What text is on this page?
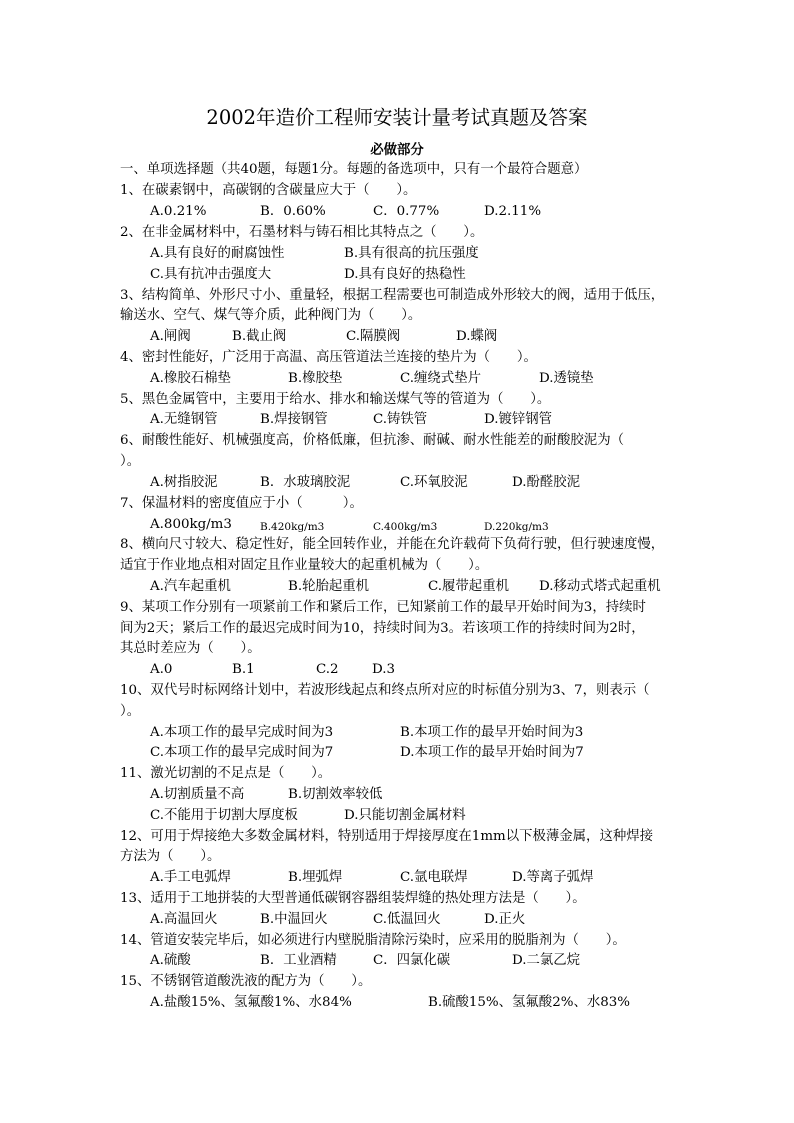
2002年造价工程师安装计量考试真题及答案
必做部分
一、单项选择题（共40题，每题1分。每题的备选项中，只有一个最符合题意）
1、在碳素钢中，高碳钢的含碳量应大于（　　）。
A.0.21%	B．0.60%	C．0.77%	D.2.11%
2、在非金属材料中，石墨材料与铸石相比其特点之（　　）。
A.具有良好的耐腐蚀性	B.具有很高的抗压强度
C.具有抗冲击强度大	D.具有良好的热稳性
3、结构简单、外形尺寸小、重量轻，根据工程需要也可制造成外形较大的阀，适用于低压，
输送水、空气、煤气等介质，此种阀门为（　　）。
A.闸阀	B.截止阀	C.隔膜阀	D.蝶阀
4、密封性能好，广泛用于高温、高压管道法兰连接的垫片为（　　）。
A.橡胶石棉垫	B.橡胶垫	C.缠绕式垫片	D.透镜垫
5、黑色金属管中，主要用于给水、排水和输送煤气等的管道为（　　）。
A.无缝钢管	B.焊接钢管	C.铸铁管	D.镀锌钢管
6、耐酸性能好、机械强度高，价格低廉，但抗渗、耐碱、耐水性能差的耐酸胶泥为（
）。
A.树指胶泥	B．水玻璃胶泥	C.环氧胶泥	D.酚醛胶泥
7、保温材料的密度值应于小（　　　）。
A.800kg/m3	B.420kg/m3	C.400kg/m3	D.220kg/m3
8、横向尺寸较大、稳定性好，能全回转作业，并能在允许载荷下负荷行驶，但行驶速度慢，
适宜于作业地点相对固定且作业量较大的起重机械为（　　）。
A.汽车起重机	B.轮胎起重机	C.履带起重机 D.移动式塔式起重机
9、某项工作分别有一项紧前工作和紧后工作，已知紧前工作的最早开始时间为3，持续时
间为2天；紧后工作的最迟完成时间为10，持续时间为3。若该项工作的持续时间为2时，
其总时差应为（　　）。
A.0	B.1	C.2 D.3
10、双代号时标网络计划中，若波形线起点和终点所对应的时标值分别为3、7，则表示（
）。
A.本项工作的最早完成时间为3	B.本项工作的最早开始时间为3
C.本项工作的最早完成时间为7	D.本项工作的最早开始时间为7
11、激光切割的不足点是（　　）。
A.切割质量不高	B.切割效率较低
C.不能用于切割大厚度板	D.只能切割金属材料
12、可用于焊接绝大多数金属材料，特别适用于焊接厚度在1mm以下极薄金属，这种焊接
方法为（　　）。
A.手工电弧焊	B.埋弧焊	C.氩电联焊	D.等离子弧焊
13、适用于工地拼装的大型普通低碳钢容器组装焊缝的热处理方法是（　　）。
A.高温回火	B.中温回火	C.低温回火	D.正火
14、管道安装完毕后，如必须进行内壁脱脂清除污染时，应采用的脱脂剂为（　　）。
A.硫酸	B．工业酒精	C．四氯化碳	D.二氯乙烷
15、不锈钢管道酸洗液的配方为（　　）。
A.盐酸15%、氢氟酸1%、水84%	B.硫酸15%、氢氟酸2%、水83%
